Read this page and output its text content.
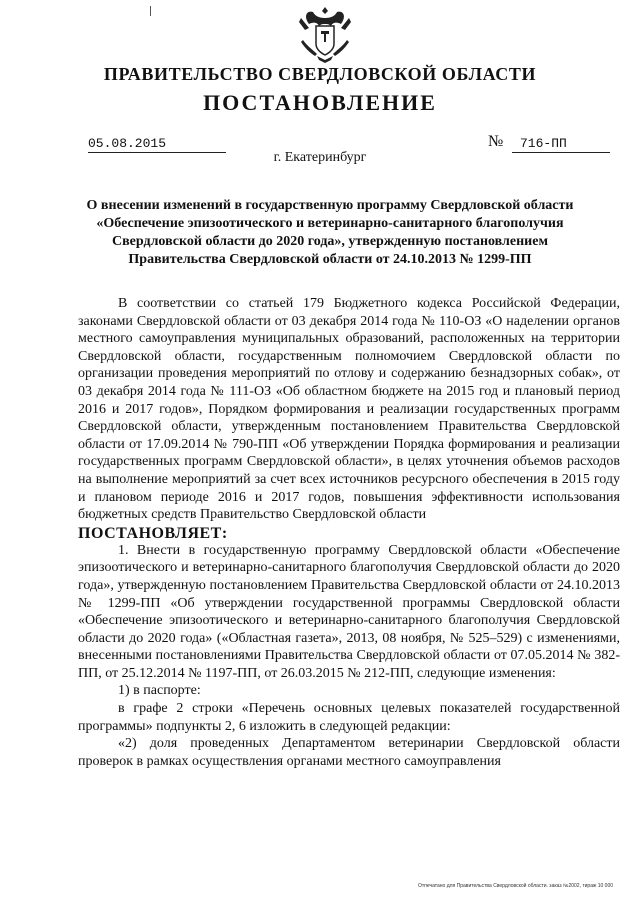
ПРАВИТЕЛЬСТВО СВЕРДЛОВСКОЙ ОБЛАСТИ
ПОСТАНОВЛЕНИЕ
05.08.2015	№	716-ПП
г. Екатеринбург
О внесении изменений в государственную программу Свердловской области
«Обеспечение эпизоотического и ветеринарно-санитарного благополучия
Свердловской области до 2020 года», утвержденную постановлением
Правительства Свердловской области от 24.10.2013 № 1299-ПП

В соответствии со статьей 179 Бюджетного кодекса Российской Федерации, законами Свердловской области от 03 декабря 2014 года № 110-ОЗ «О наделении органов местного самоуправления муниципальных образований, расположенных на территории Свердловской области, государственным полномочием Свердловской области по организации проведения мероприятий по отлову и содержанию безнадзорных собак», от 03 декабря 2014 года № 111-ОЗ «Об областном бюджете на 2015 год и плановый период 2016 и 2017 годов», Порядком формирования и реализации государственных программ Свердловской области, утвержденным постановлением Правительства Свердловской области от 17.09.2014 № 790-ПП «Об утверждении Порядка формирования и реализации государственных программ Свердловской области», в целях уточнения объемов расходов на выполнение мероприятий за счет всех источников ресурсного обеспечения в 2015 году и плановом периоде 2016 и 2017 годов, повышения эффективности использования бюджетных средств Правительство Свердловской области

ПОСТАНОВЛЯЕТ:

1. Внести в государственную программу Свердловской области «Обеспечение эпизоотического и ветеринарно-санитарного благополучия Свердловской области до 2020 года», утвержденную постановлением Правительства Свердловской области от 24.10.2013 № 1299-ПП «Об утверждении государственной программы Свердловской области «Обеспечение эпизоотического и ветеринарно-санитарного благополучия Свердловской области до 2020 года» («Областная газета», 2013, 08 ноября, № 525–529) с изменениями, внесенными постановлениями Правительства Свердловской области от 07.05.2014 № 382-ПП, от 25.12.2014 № 1197-ПП, от 26.03.2015 № 212-ПП, следующие изменения:

1) в паспорте:

в графе 2 строки «Перечень основных целевых показателей государственной программы» подпункты 2, 6 изложить в следующей редакции:

«2) доля проведенных Департаментом ветеринарии Свердловской области проверок в рамках осуществления органами местного самоуправления

Отпечатано для Правительства Свердловской области. заказ №2002, тираж 10 000
